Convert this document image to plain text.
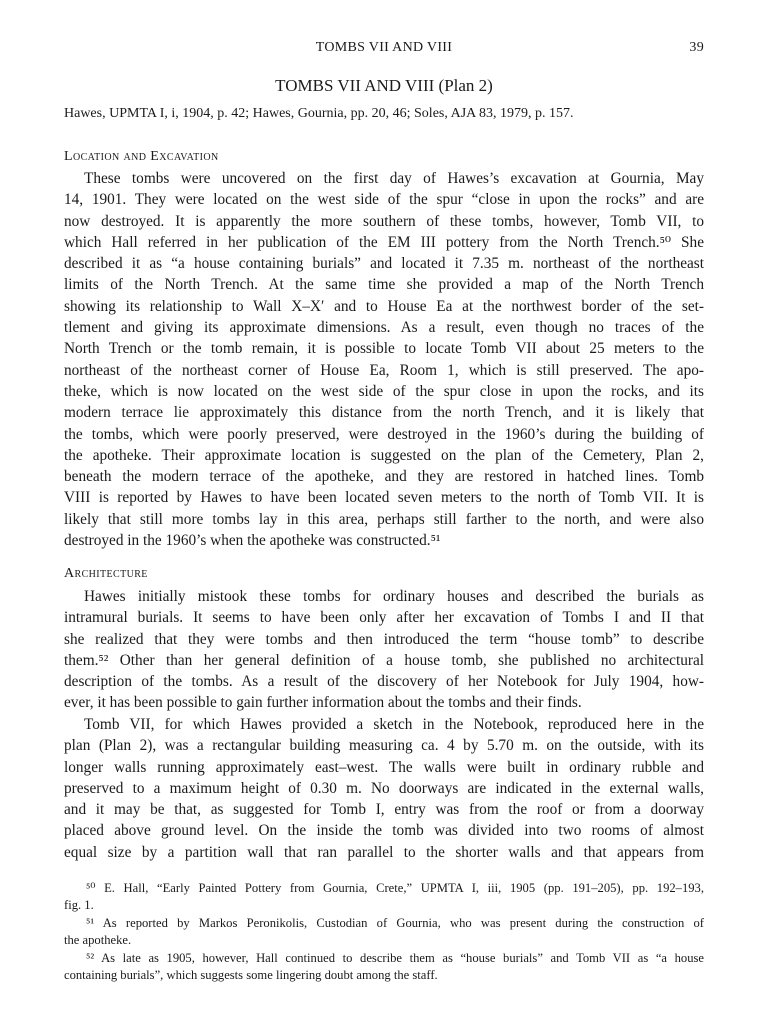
TOMBS VII AND VIII	39
TOMBS VII AND VIII (Plan 2)
Hawes, UPMTA I, i, 1904, p. 42; Hawes, Gournia, pp. 20, 46; Soles, AJA 83, 1979, p. 157.
Location and Excavation
These tombs were uncovered on the first day of Hawes’s excavation at Gournia, May
14, 1901. They were located on the west side of the spur “close in upon the rocks” and are
now destroyed. It is apparently the more southern of these tombs, however, Tomb VII, to
which Hall referred in her publication of the EM III pottery from the North Trench.⁵⁰ She
described it as “a house containing burials” and located it 7.35 m. northeast of the northeast
limits of the North Trench. At the same time she provided a map of the North Trench
showing its relationship to Wall X–X′ and to House Ea at the northwest border of the set-
tlement and giving its approximate dimensions. As a result, even though no traces of the
North Trench or the tomb remain, it is possible to locate Tomb VII about 25 meters to the
northeast of the northeast corner of House Ea, Room 1, which is still preserved. The apo-
theke, which is now located on the west side of the spur close in upon the rocks, and its
modern terrace lie approximately this distance from the north Trench, and it is likely that
the tombs, which were poorly preserved, were destroyed in the 1960’s during the building of
the apotheke. Their approximate location is suggested on the plan of the Cemetery, Plan 2,
beneath the modern terrace of the apotheke, and they are restored in hatched lines. Tomb
VIII is reported by Hawes to have been located seven meters to the north of Tomb VII. It is
likely that still more tombs lay in this area, perhaps still farther to the north, and were also
destroyed in the 1960’s when the apotheke was constructed.⁵¹
Architecture
Hawes initially mistook these tombs for ordinary houses and described the burials as
intramural burials. It seems to have been only after her excavation of Tombs I and II that
she realized that they were tombs and then introduced the term “house tomb” to describe
them.⁵² Other than her general definition of a house tomb, she published no architectural
description of the tombs. As a result of the discovery of her Notebook for July 1904, how-
ever, it has been possible to gain further information about the tombs and their finds.
Tomb VII, for which Hawes provided a sketch in the Notebook, reproduced here in the
plan (Plan 2), was a rectangular building measuring ca. 4 by 5.70 m. on the outside, with its
longer walls running approximately east–west. The walls were built in ordinary rubble and
preserved to a maximum height of 0.30 m. No doorways are indicated in the external walls,
and it may be that, as suggested for Tomb I, entry was from the roof or from a doorway
placed above ground level. On the inside the tomb was divided into two rooms of almost
equal size by a partition wall that ran parallel to the shorter walls and that appears from
⁵⁰ E. Hall, “Early Painted Pottery from Gournia, Crete,” UPMTA I, iii, 1905 (pp. 191–205), pp. 192–193,
fig. 1.
⁵¹ As reported by Markos Peronikolis, Custodian of Gournia, who was present during the construction of
the apotheke.
⁵² As late as 1905, however, Hall continued to describe them as “house burials” and Tomb VII as “a house
containing burials”, which suggests some lingering doubt among the staff.
